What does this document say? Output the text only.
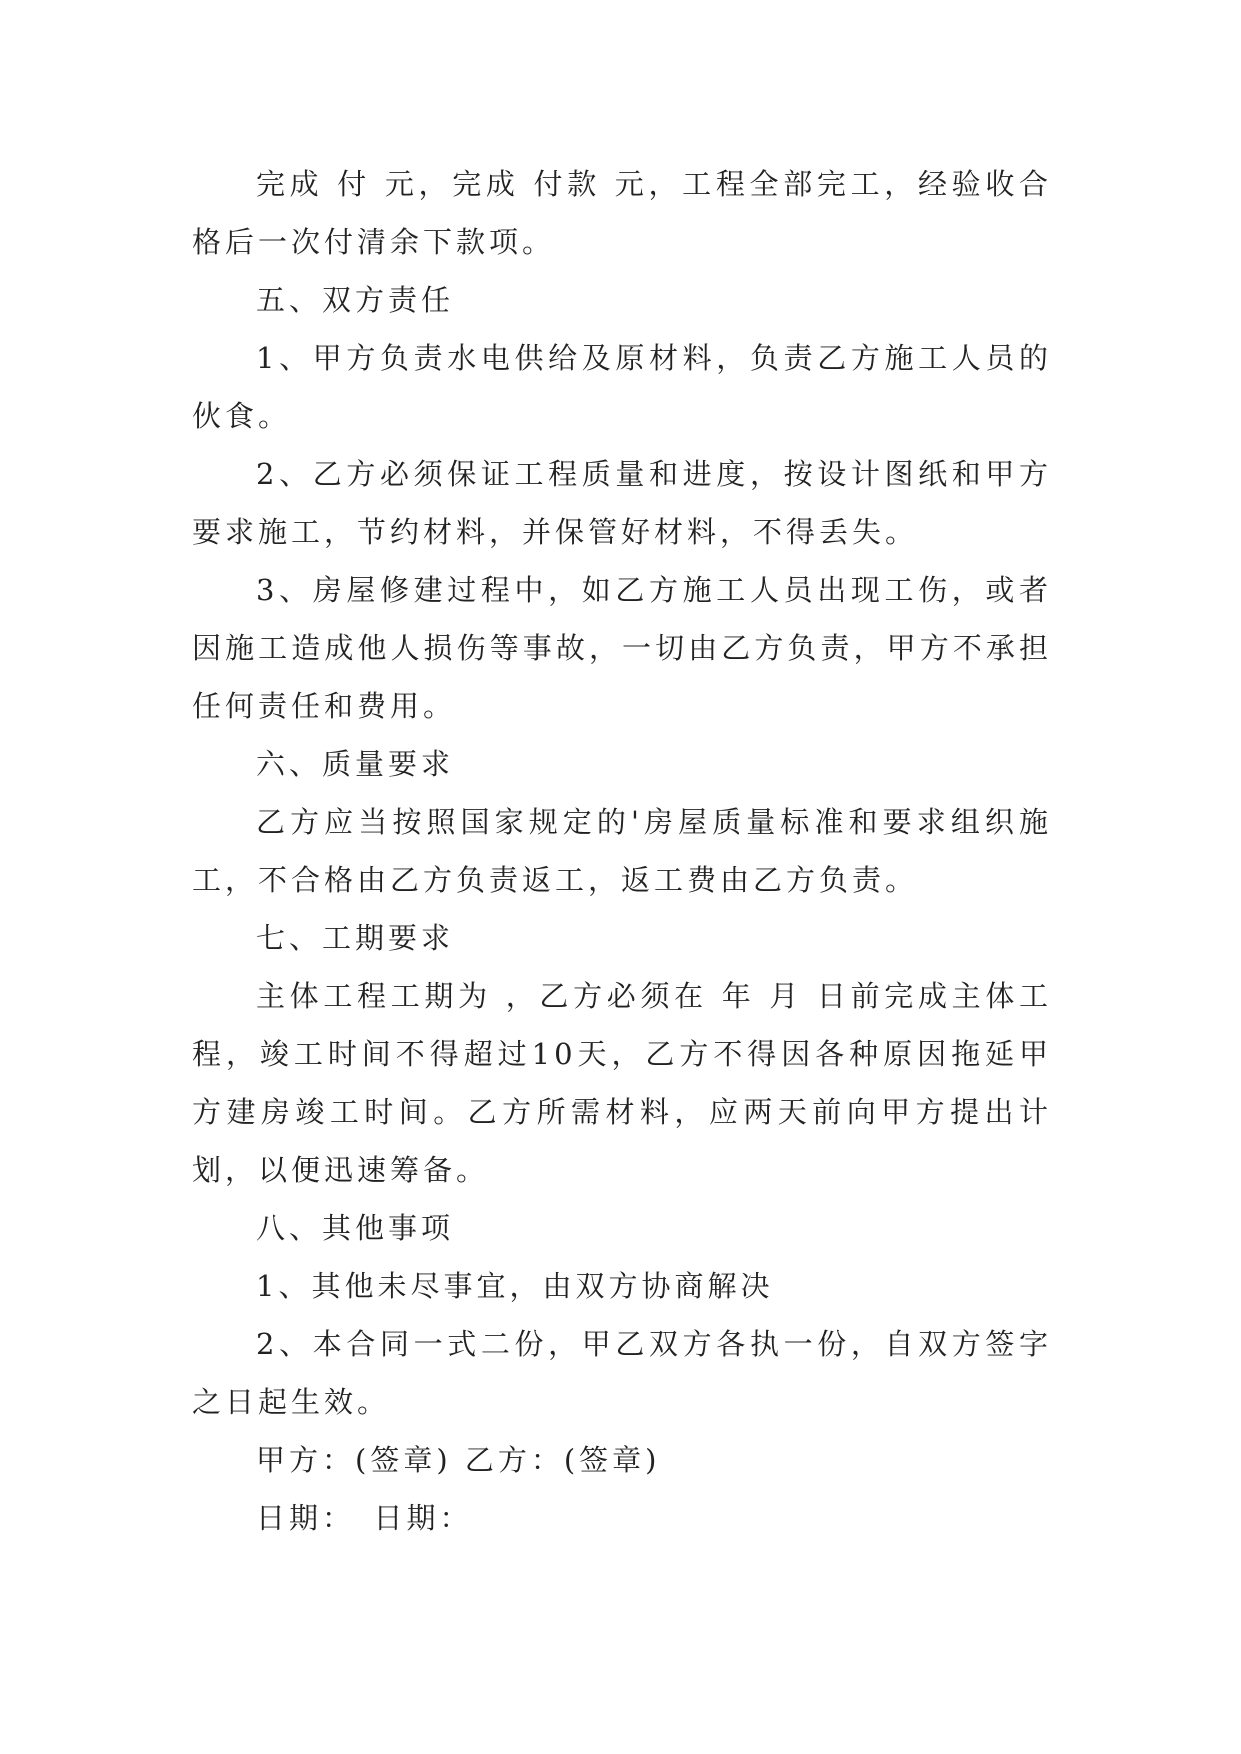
完成 付 元，完成 付款 元，工程全部完工，经验收合格后一次付清余下款项。

五、双方责任

1、甲方负责水电供给及原材料，负责乙方施工人员的伙食。

2、乙方必须保证工程质量和进度，按设计图纸和甲方要求施工，节约材料，并保管好材料，不得丢失。

3、房屋修建过程中，如乙方施工人员出现工伤，或者因施工造成他人损伤等事故，一切由乙方负责，甲方不承担任何责任和费用。

六、质量要求

乙方应当按照国家规定的'房屋质量标准和要求组织施工，不合格由乙方负责返工，返工费由乙方负责。

七、工期要求

主体工程工期为 ，乙方必须在 年 月 日前完成主体工程，竣工时间不得超过10天，乙方不得因各种原因拖延甲方建房竣工时间。乙方所需材料，应两天前向甲方提出计划，以便迅速筹备。

八、其他事项

1、其他未尽事宜，由双方协商解决

2、本合同一式二份，甲乙双方各执一份，自双方签字之日起生效。

甲方：(签章) 乙方：(签章)

日期：　日期：
